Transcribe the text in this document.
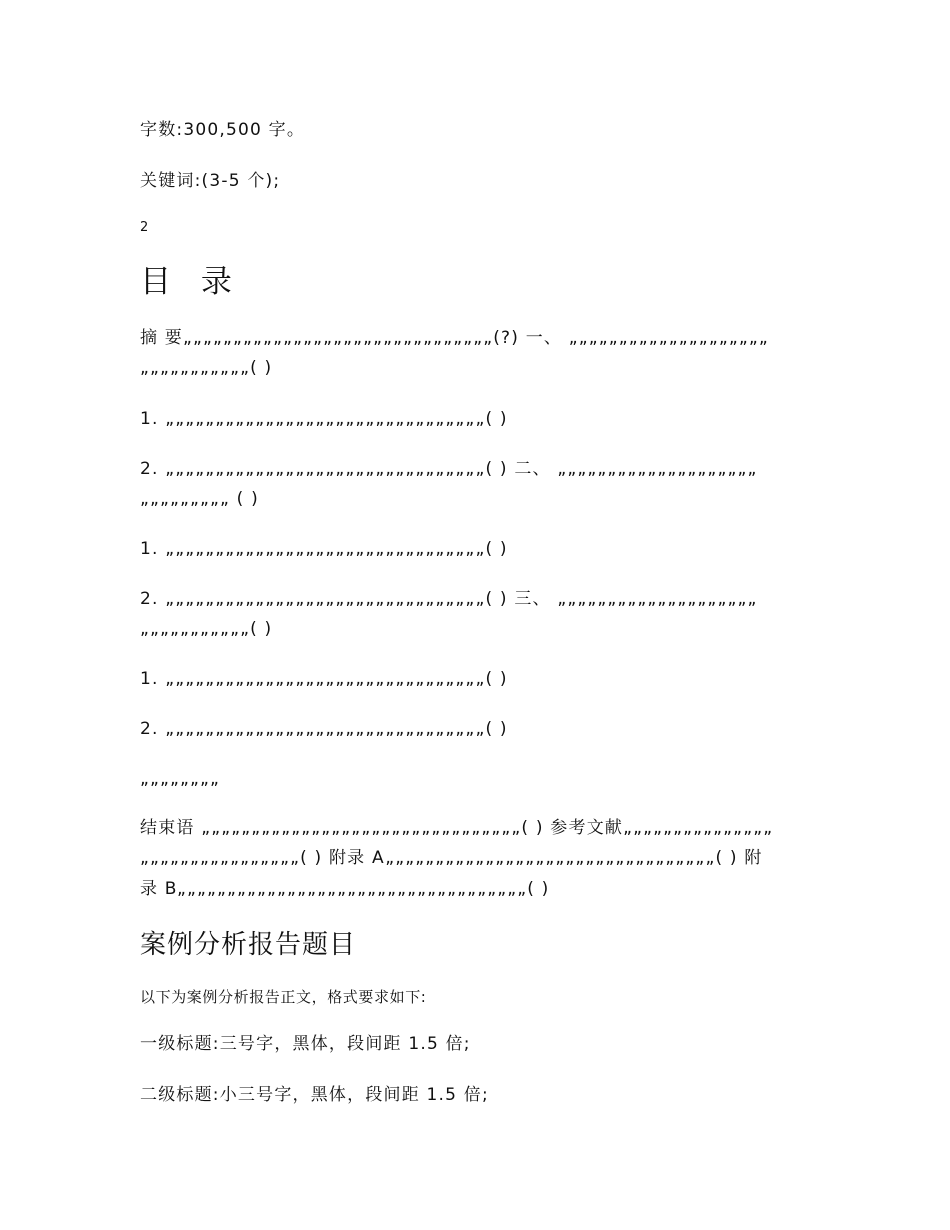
字数:300,500 字。
关键词:(3-5 个);
2
目 录
摘 要„„„„„„„„„„„„„„„„„„„„„„„„„„„„„„„(?) 一、 „„„„„„„„„„„„„„„„„„„„
„„„„„„„„„„„( )
1. „„„„„„„„„„„„„„„„„„„„„„„„„„„„„„„„( )
2. „„„„„„„„„„„„„„„„„„„„„„„„„„„„„„„„( ) 二、 „„„„„„„„„„„„„„„„„„„„
„„„„„„„„„ ( )
1. „„„„„„„„„„„„„„„„„„„„„„„„„„„„„„„„( )
2. „„„„„„„„„„„„„„„„„„„„„„„„„„„„„„„„( ) 三、 „„„„„„„„„„„„„„„„„„„„
„„„„„„„„„„„( )
1. „„„„„„„„„„„„„„„„„„„„„„„„„„„„„„„„( )
2. „„„„„„„„„„„„„„„„„„„„„„„„„„„„„„„„( )
„„„„„„„„
结束语 „„„„„„„„„„„„„„„„„„„„„„„„„„„„„„„„( ) 参考文献„„„„„„„„„„„„„„„
„„„„„„„„„„„„„„„„( ) 附录 A„„„„„„„„„„„„„„„„„„„„„„„„„„„„„„„„„( ) 附
录 B„„„„„„„„„„„„„„„„„„„„„„„„„„„„„„„„„„„( )
案例分析报告题目
以下为案例分析报告正文，格式要求如下:
一级标题:三号字，黑体，段间距 1.5 倍;
二级标题:小三号字，黑体，段间距 1.5 倍;
